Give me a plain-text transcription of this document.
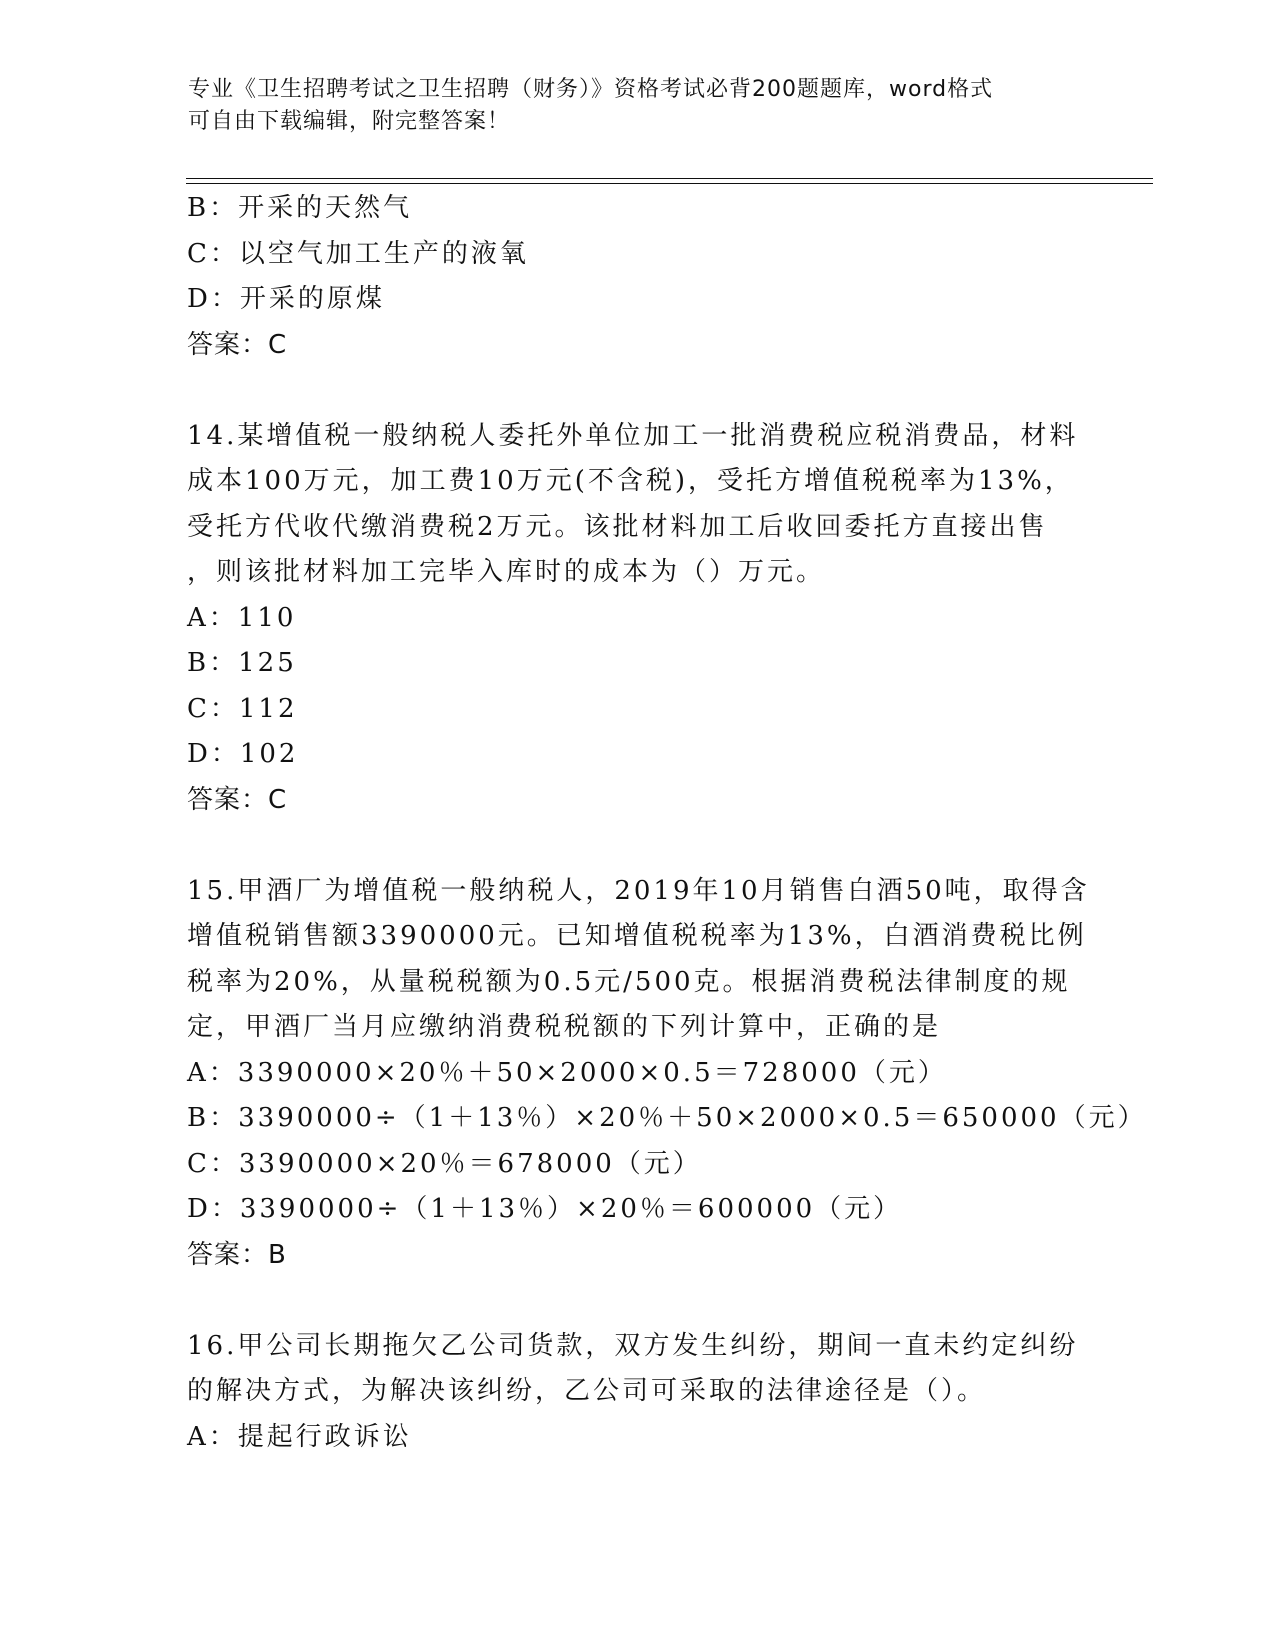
专业《卫生招聘考试之卫生招聘（财务）》资格考试必背200题题库，word格式
可自由下载编辑，附完整答案！
B：开采的天然气
C：以空气加工生产的液氧
D：开采的原煤
答案：C
14.某增值税一般纳税人委托外单位加工一批消费税应税消费品，材料
成本100万元，加工费10万元(不含税)，受托方增值税税率为13%，
受托方代收代缴消费税2万元。该批材料加工后收回委托方直接出售
，则该批材料加工完毕入库时的成本为（）万元。
A：110
B：125
C：112
D：102
答案：C
15.甲酒厂为增值税一般纳税人，2019年10月销售白酒50吨，取得含
增值税销售额3390000元。已知增值税税率为13%，白酒消费税比例
税率为20%，从量税税额为0.5元/500克。根据消费税法律制度的规
定，甲酒厂当月应缴纳消费税税额的下列计算中，正确的是
A：3390000×20％＋50×2000×0.5＝728000（元）
B：3390000÷（1＋13％）×20％＋50×2000×0.5＝650000（元）
C：3390000×20％＝678000（元）
D：3390000÷（1＋13％）×20％＝600000（元）
答案：B
16.甲公司长期拖欠乙公司货款，双方发生纠纷，期间一直未约定纠纷
的解决方式，为解决该纠纷，乙公司可采取的法律途径是（）。
A：提起行政诉讼
